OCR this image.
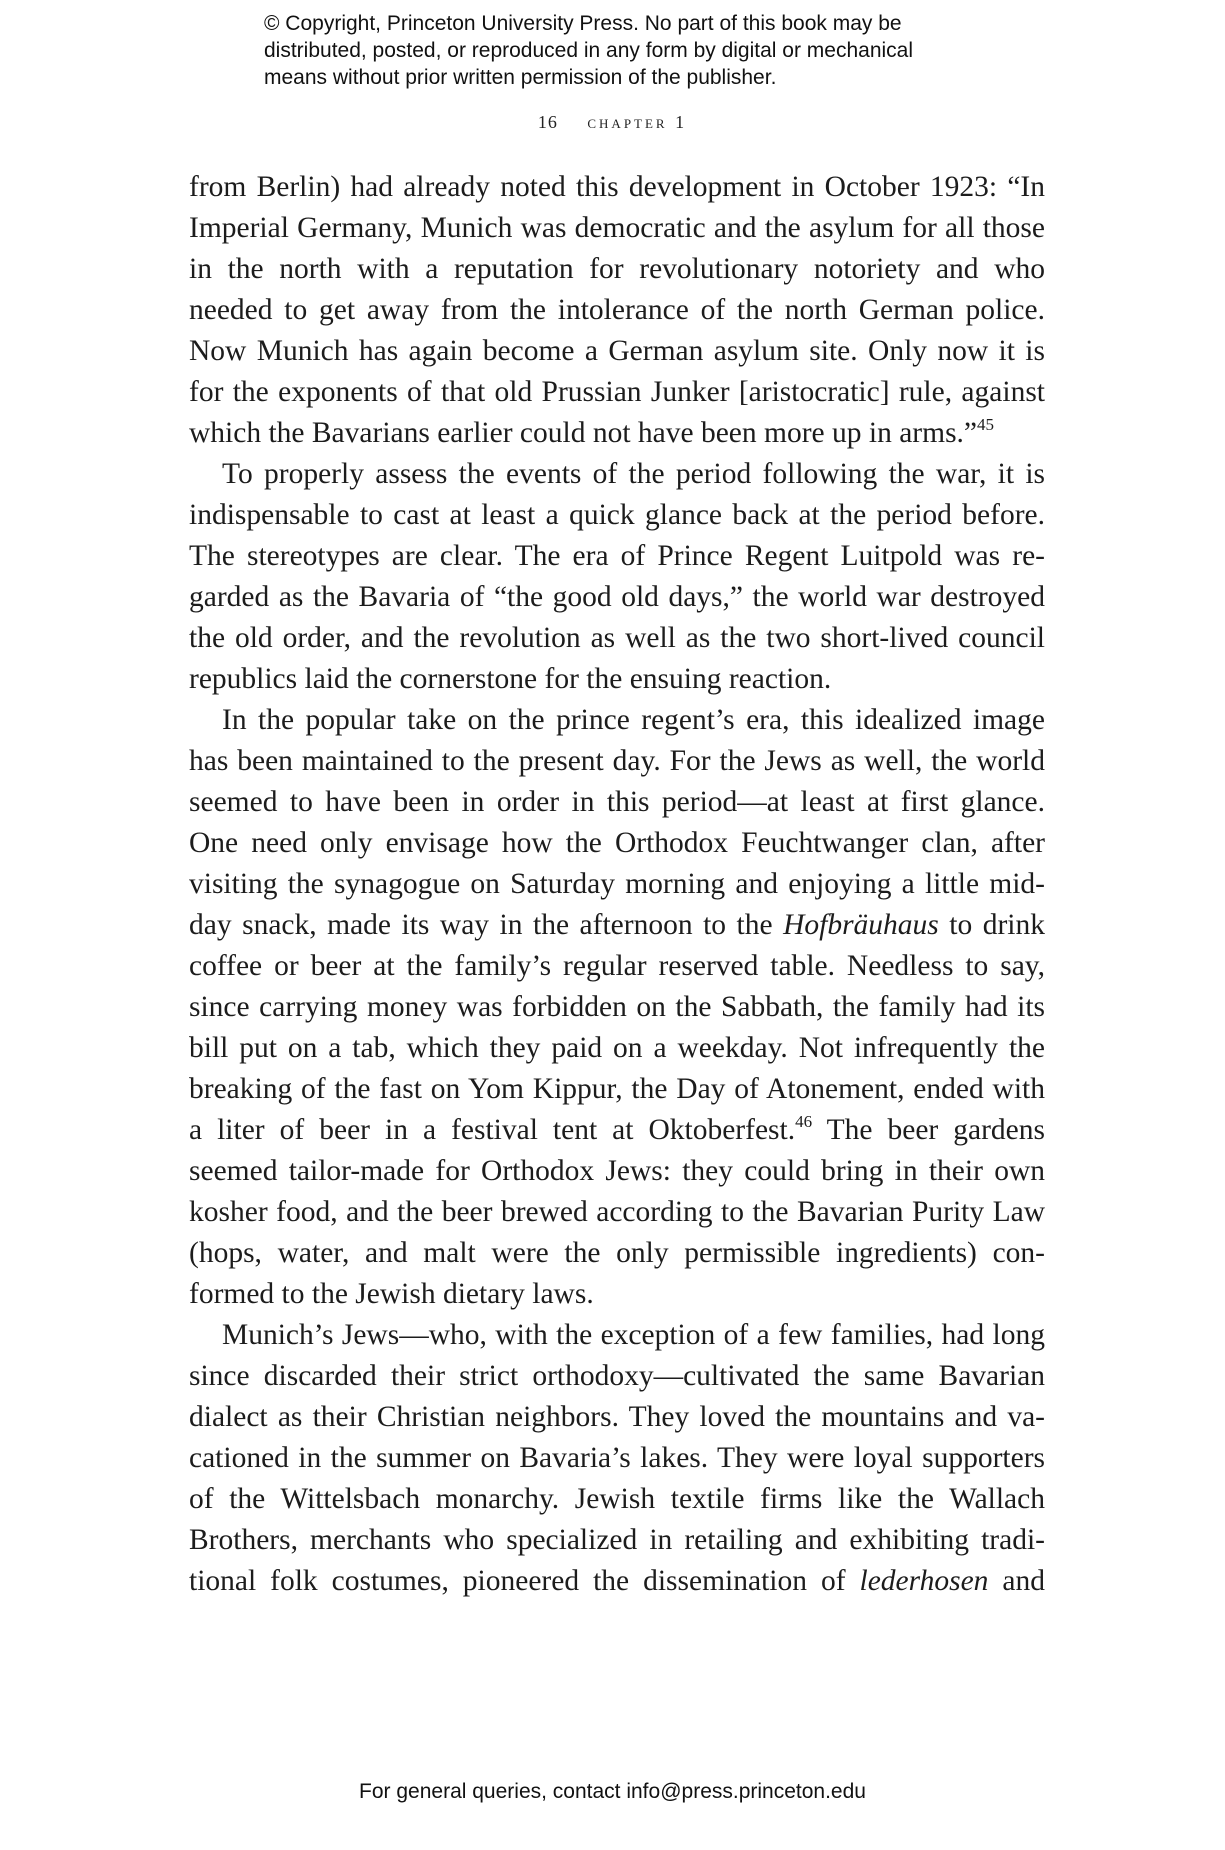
© Copyright, Princeton University Press. No part of this book may be
distributed, posted, or reproduced in any form by digital or mechanical
means without prior written permission of the publisher.
16 chapter 1
from Berlin) had already noted this development in October 1923: “In
Imperial Germany, Munich was democratic and the asylum for all those
in the north with a reputation for revolutionary notoriety and who
needed to get away from the intolerance of the north German police.
Now Munich has again become a German asylum site. Only now it is
for the exponents of that old Prussian Junker [aristocratic] rule, against
which the Bavarians earlier could not have been more up in arms.”$^{45}$
To properly assess the events of the period following the war, it is
indispensable to cast at least a quick glance back at the period before.
The stereotypes are clear. The era of Prince Regent Luitpold was re-
garded as the Bavaria of “the good old days,” the world war destroyed
the old order, and the revolution as well as the two short-lived council
republics laid the cornerstone for the ensuing reaction.
In the popular take on the prince regent’s era, this idealized image
has been maintained to the present day. For the Jews as well, the world
seemed to have been in order in this period—at least at first glance.
One need only envisage how the Orthodox Feuchtwanger clan, after
visiting the synagogue on Saturday morning and enjoying a little mid-
day snack, made its way in the afternoon to the Hofbräuhaus to drink
coffee or beer at the family’s regular reserved table. Needless to say,
since carrying money was forbidden on the Sabbath, the family had its
bill put on a tab, which they paid on a weekday. Not infrequently the
breaking of the fast on Yom Kippur, the Day of Atonement, ended with
a liter of beer in a festival tent at Oktoberfest.$^{46}$ The beer gardens
seemed tailor-made for Orthodox Jews: they could bring in their own
kosher food, and the beer brewed according to the Bavarian Purity Law
(hops, water, and malt were the only permissible ingredients) con-
formed to the Jewish dietary laws.
Munich’s Jews—who, with the exception of a few families, had long
since discarded their strict orthodoxy—cultivated the same Bavarian
dialect as their Christian neighbors. They loved the mountains and va-
cationed in the summer on Bavaria’s lakes. They were loyal supporters
of the Wittelsbach monarchy. Jewish textile firms like the Wallach
Brothers, merchants who specialized in retailing and exhibiting tradi-
tional folk costumes, pioneered the dissemination of lederhosen and
For general queries, contact info@press.princeton.edu
